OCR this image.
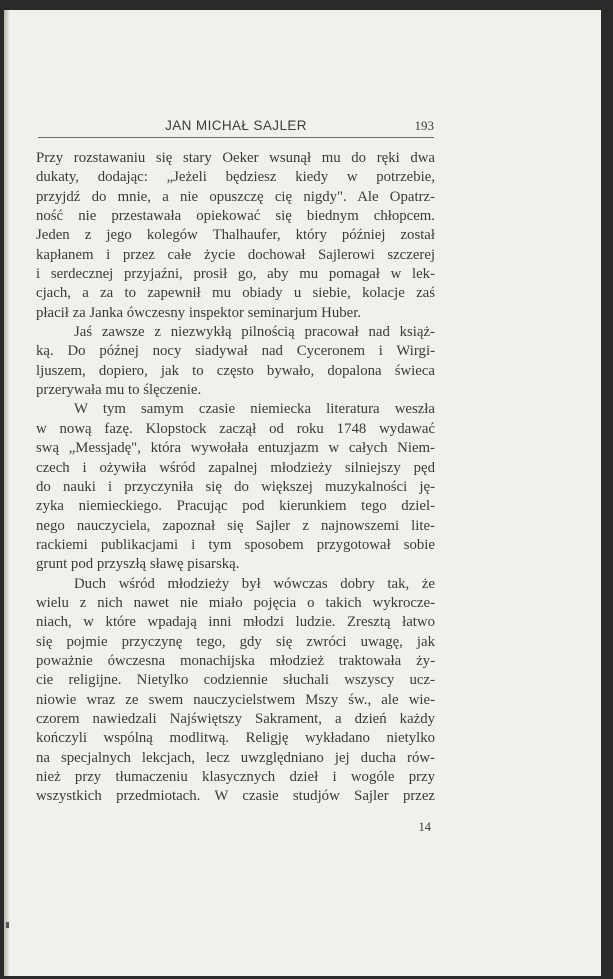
JAN MICHAŁ SAJLER	193
Przy rozstawaniu się stary Oeker wsunął mu do ręki dwa
dukaty, dodając: „Jeżeli będziesz kiedy w potrzebie,
przyjdź do mnie, a nie opuszczę cię nigdy". Ale Opatrz-
ność nie przestawała opiekować się biednym chłopcem.
Jeden z jego kolegów Thalhaufer, który później został
kapłanem i przez całe życie dochował Sajlerowi szczerej
i serdecznej przyjaźni, prosił go, aby mu pomagał w lek-
cjach, a za to zapewnił mu obiady u siebie, kolacje zaś
płacił za Janka ówczesny inspektor seminarjum Huber.
Jaś zawsze z niezwykłą pilnością pracował nad książ-
ką. Do późnej nocy siadywał nad Cyceronem i Wirgi-
ljuszem, dopiero, jak to często bywało, dopalona świeca
przerywała mu to ślęczenie.
W tym samym czasie niemiecka literatura weszła
w nową fazę. Klopstock zaczął od roku 1748 wydawać
swą „Messjadę", która wywołała entuzjazm w całych Niem-
czech i ożywiła wśród zapalnej młodzieży silniejszy pęd
do nauki i przyczyniła się do większej muzykalności ję-
zyka niemieckiego. Pracując pod kierunkiem tego dziel-
nego nauczyciela, zapoznał się Sajler z najnowszemi lite-
rackiemi publikacjami i tym sposobem przygotował sobie
grunt pod przyszłą sławę pisarską.
Duch wśród młodzieży był wówczas dobry tak, że
wielu z nich nawet nie miało pojęcia o takich wykrocze-
niach, w które wpadają inni młodzi ludzie. Zresztą łatwo
się pojmie przyczynę tego, gdy się zwróci uwagę, jak
poważnie ówczesna monachijska młodzież traktowała ży-
cie religijne. Nietylko codziennie słuchali wszyscy ucz-
niowie wraz ze swem nauczycielstwem Mszy św., ale wie-
czorem nawiedzali Najświętszy Sakrament, a dzień każdy
kończyli wspólną modlitwą. Religję wykładano nietylko
na specjalnych lekcjach, lecz uwzględniano jej ducha rów-
nież przy tłumaczeniu klasycznych dzieł i wogóle przy
wszystkich przedmiotach. W czasie studjów Sajler przez
14
